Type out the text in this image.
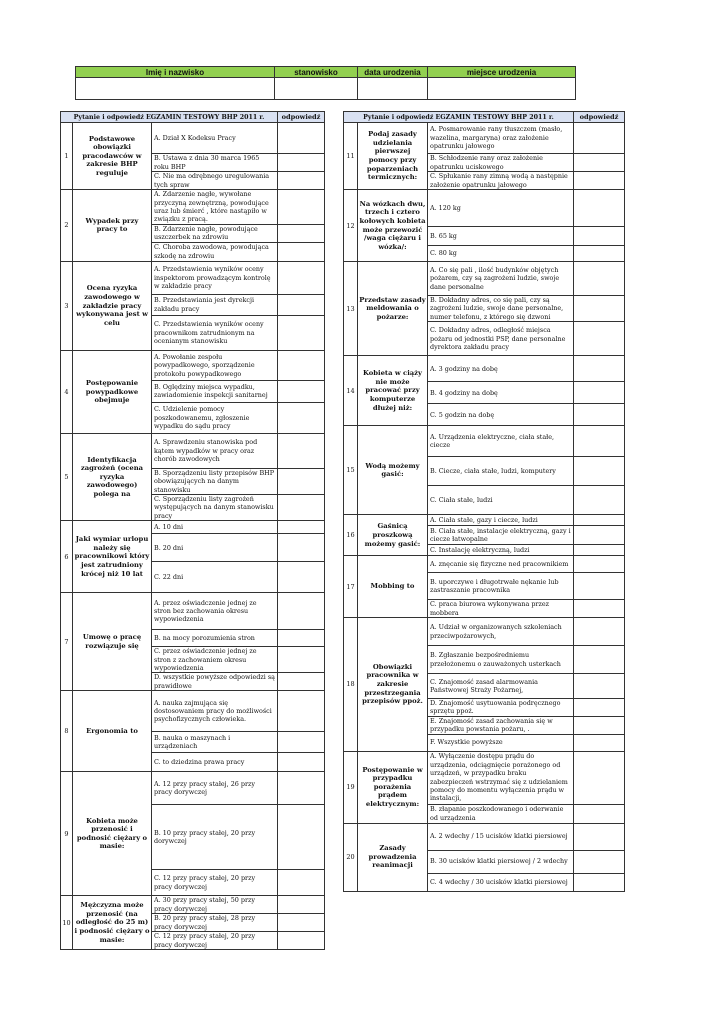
Imię i nazwisko	stanowisko	data urodzenia	miejsce urodzenia

Pytanie i odpowiedź EGZAMIN TESTOWY BHP 2011 r.			odpowiedź
1	Podstawowe obowiązki pracodawców w zakresie BHP reguluje	A. Dział X Kodeksu Pracy	
		B. Ustawa z dnia 30 marca 1965 roku BHP	
		C. Nie ma odrębnego uregulowania tych spraw	
2	Wypadek przy pracy to	A. Zdarzenie nagłe, wywołane przyczyną zewnętrzną, powodujące uraz lub śmierć , które nastąpiło w związku z pracą.	
		B. Zdarzenie nagłe, powodujące uszczerbek na zdrowiu	
		C. Choroba zawodowa, powodująca szkodę na zdrowiu	
3	Ocena ryzyka zawodowego w zakładzie pracy wykonywana jest w celu	A. Przedstawienia wyników oceny inspektorom prowadzącym kontrolę w zakładzie pracy	
		B. Przedstawiania jest dyrekcji zakładu pracy	
		C. Przedstawienia wyników oceny pracownikom zatrudnionym na ocenianym stanowisku	
4	Postępowanie powypadkowe obejmuje	A. Powołanie zespołu powypadkowego, sporządzenie protokołu powypadkowego	
		B. Oględziny miejsca wypadku, zawiadomienie inspekcji sanitarnej	
		C. Udzielenie pomocy poszkodowanemu, zgłoszenie wypadku do sądu pracy	
5	Identyfikacja zagrożeń (ocena ryzyka zawodowego) polega na	A. Sprawdzeniu stanowiska pod kątem wypadków w pracy oraz chorób zawodowych	
		B. Sporządzeniu listy przepisów BHP obowiązujących na danym stanowisku	
		C. Sporządzeniu listy zagrożeń występujących na danym stanowisku pracy	
6	Jaki wymiar urlopu należy się pracownikowi który jest zatrudniony krócej niż 10 lat	A. 10 dni	
		B. 20 dni	
		C. 22 dni	
7	Umowę o pracę rozwiązuje się	A. przez oświadczenie jednej ze stron bez zachowania okresu wypowiedzenia	
		B. na mocy porozumienia stron	
		C. przez oświadczenie jednej ze stron z zachowaniem okresu wypowiedzenia	
		D. wszystkie powyższe odpowiedzi są prawidłowe	
8	Ergonomia to	A. nauka zajmująca się dostosowaniem pracy do możliwości psychofizycznych człowieka.	
		B. nauka o maszynach i urządzeniach	
		C. to dziedzina prawa pracy	
9	Kobieta może przenosić i podnosić ciężary o masie:	A. 12 przy pracy stałej, 26 przy pracy dorywczej	
		B. 10 przy pracy stałej, 20 przy dorywczej	
		C. 12 przy pracy stałej, 20 przy pracy dorywczej	
10	Mężczyzna może przenosić (na odległość do 25 m) i podnosić ciężary o masie:	A. 30 przy pracy stałej, 50 przy pracy dorywczej	
		B. 20 przy pracy stałej, 28 przy pracy dorywczej	
		C. 12 przy pracy stałej, 20 przy pracy dorywczej	
Pytanie i odpowiedź EGZAMIN TESTOWY BHP 2011 r.			odpowiedź
11	Podaj zasady udzielania pierwszej pomocy przy poparzeniach termicznych:	A. Posmarowanie rany tłuszczem (masło, wazelina, margaryna) oraz założenie opatrunku jałowego	
		B. Schłodzenie rany oraz założenie opatrunku uciskowego	
		C. Spłukanie rany zimną wodą a następnie założenie opatrunku jałowego	
12	Na wózkach dwu, trzech i cztero kołowych kobieta może przewozić /waga ciężaru i wózka/:	A. 120 kg	
		B. 65 kg	
		C. 80 kg	
13	Przedstaw zasady meldowania o pożarze:	A. Co się pali , ilość budynków objętych pożarem, czy są zagrożeni ludzie, swoje dane personalne	
		B. Dokładny adres, co się pali, czy są zagrożeni ludzie, swoje dane personalne, numer telefonu, z którego się dzwoni	
		C. Dokładny adres, odległość miejsca pożaru od jednostki PSP, dane personalne dyrektora zakładu pracy	
14	Kobieta w ciąży nie może pracować przy komputerze dłużej niż:	A. 3 godziny na dobę	
		B. 4 godziny na dobę	
		C. 5 godzin na dobę	
15	Wodą możemy gasić:	A. Urządzenia elektryczne, ciała stałe, ciecze	
		B. Ciecze, ciała stałe, ludzi, komputery	
		C. Ciała stałe, ludzi	
16	Gaśnicą proszkową możemy gasić:	A. Ciała stałe, gazy i ciecze, ludzi	
		B. Ciała stałe, instalacje elektryczną, gazy i ciecze łatwopalne	
		C. Instalację elektryczną, ludzi	
17	Mobbing to	A. znęcanie się fizyczne ned pracownikiem	
		B. uporczywe i długotrwałe nękanie lub zastraszanie pracownika	
		C. praca biurowa wykonywana przez mobbera	
18	Obowiązki pracownika w zakresie przestrzegania przepisów ppoż.	A. Udział w organizowanych szkoleniach przeciwpożarowych,	
		B. Zgłaszanie bezpośredniemu przełożonemu o zauważonych usterkach	
		C. Znajomość zasad alarmowania Państwowej Straży Pożarnej,	
		D. Znajomość usytuowania podręcznego sprzętu ppoż.	
		E. Znajomość zasad zachowania się w przypadku powstania pożaru, .	
		F. Wszystkie powyższe	
19	Postępowanie w przypadku porażenia prądem elektrycznym:	A. Wyłączenie dostępu prądu do urządzenia, odciągnięcie porażonego od urządzeń, w przypadku braku zabezpieczeń wstrzymać się z udzielaniem pomocy do momentu wyłączenia prądu w instalacji,	
		B. złapanie poszkodowanego i oderwanie od urządzenia	
20	Zasady prowadzenia reanimacji	A. 2 wdechy / 15 ucisków klatki piersiowej	
		B. 30 ucisków klatki piersiowej / 2 wdechy	
		C. 4 wdechy / 30 ucisków klatki piersiowej	
